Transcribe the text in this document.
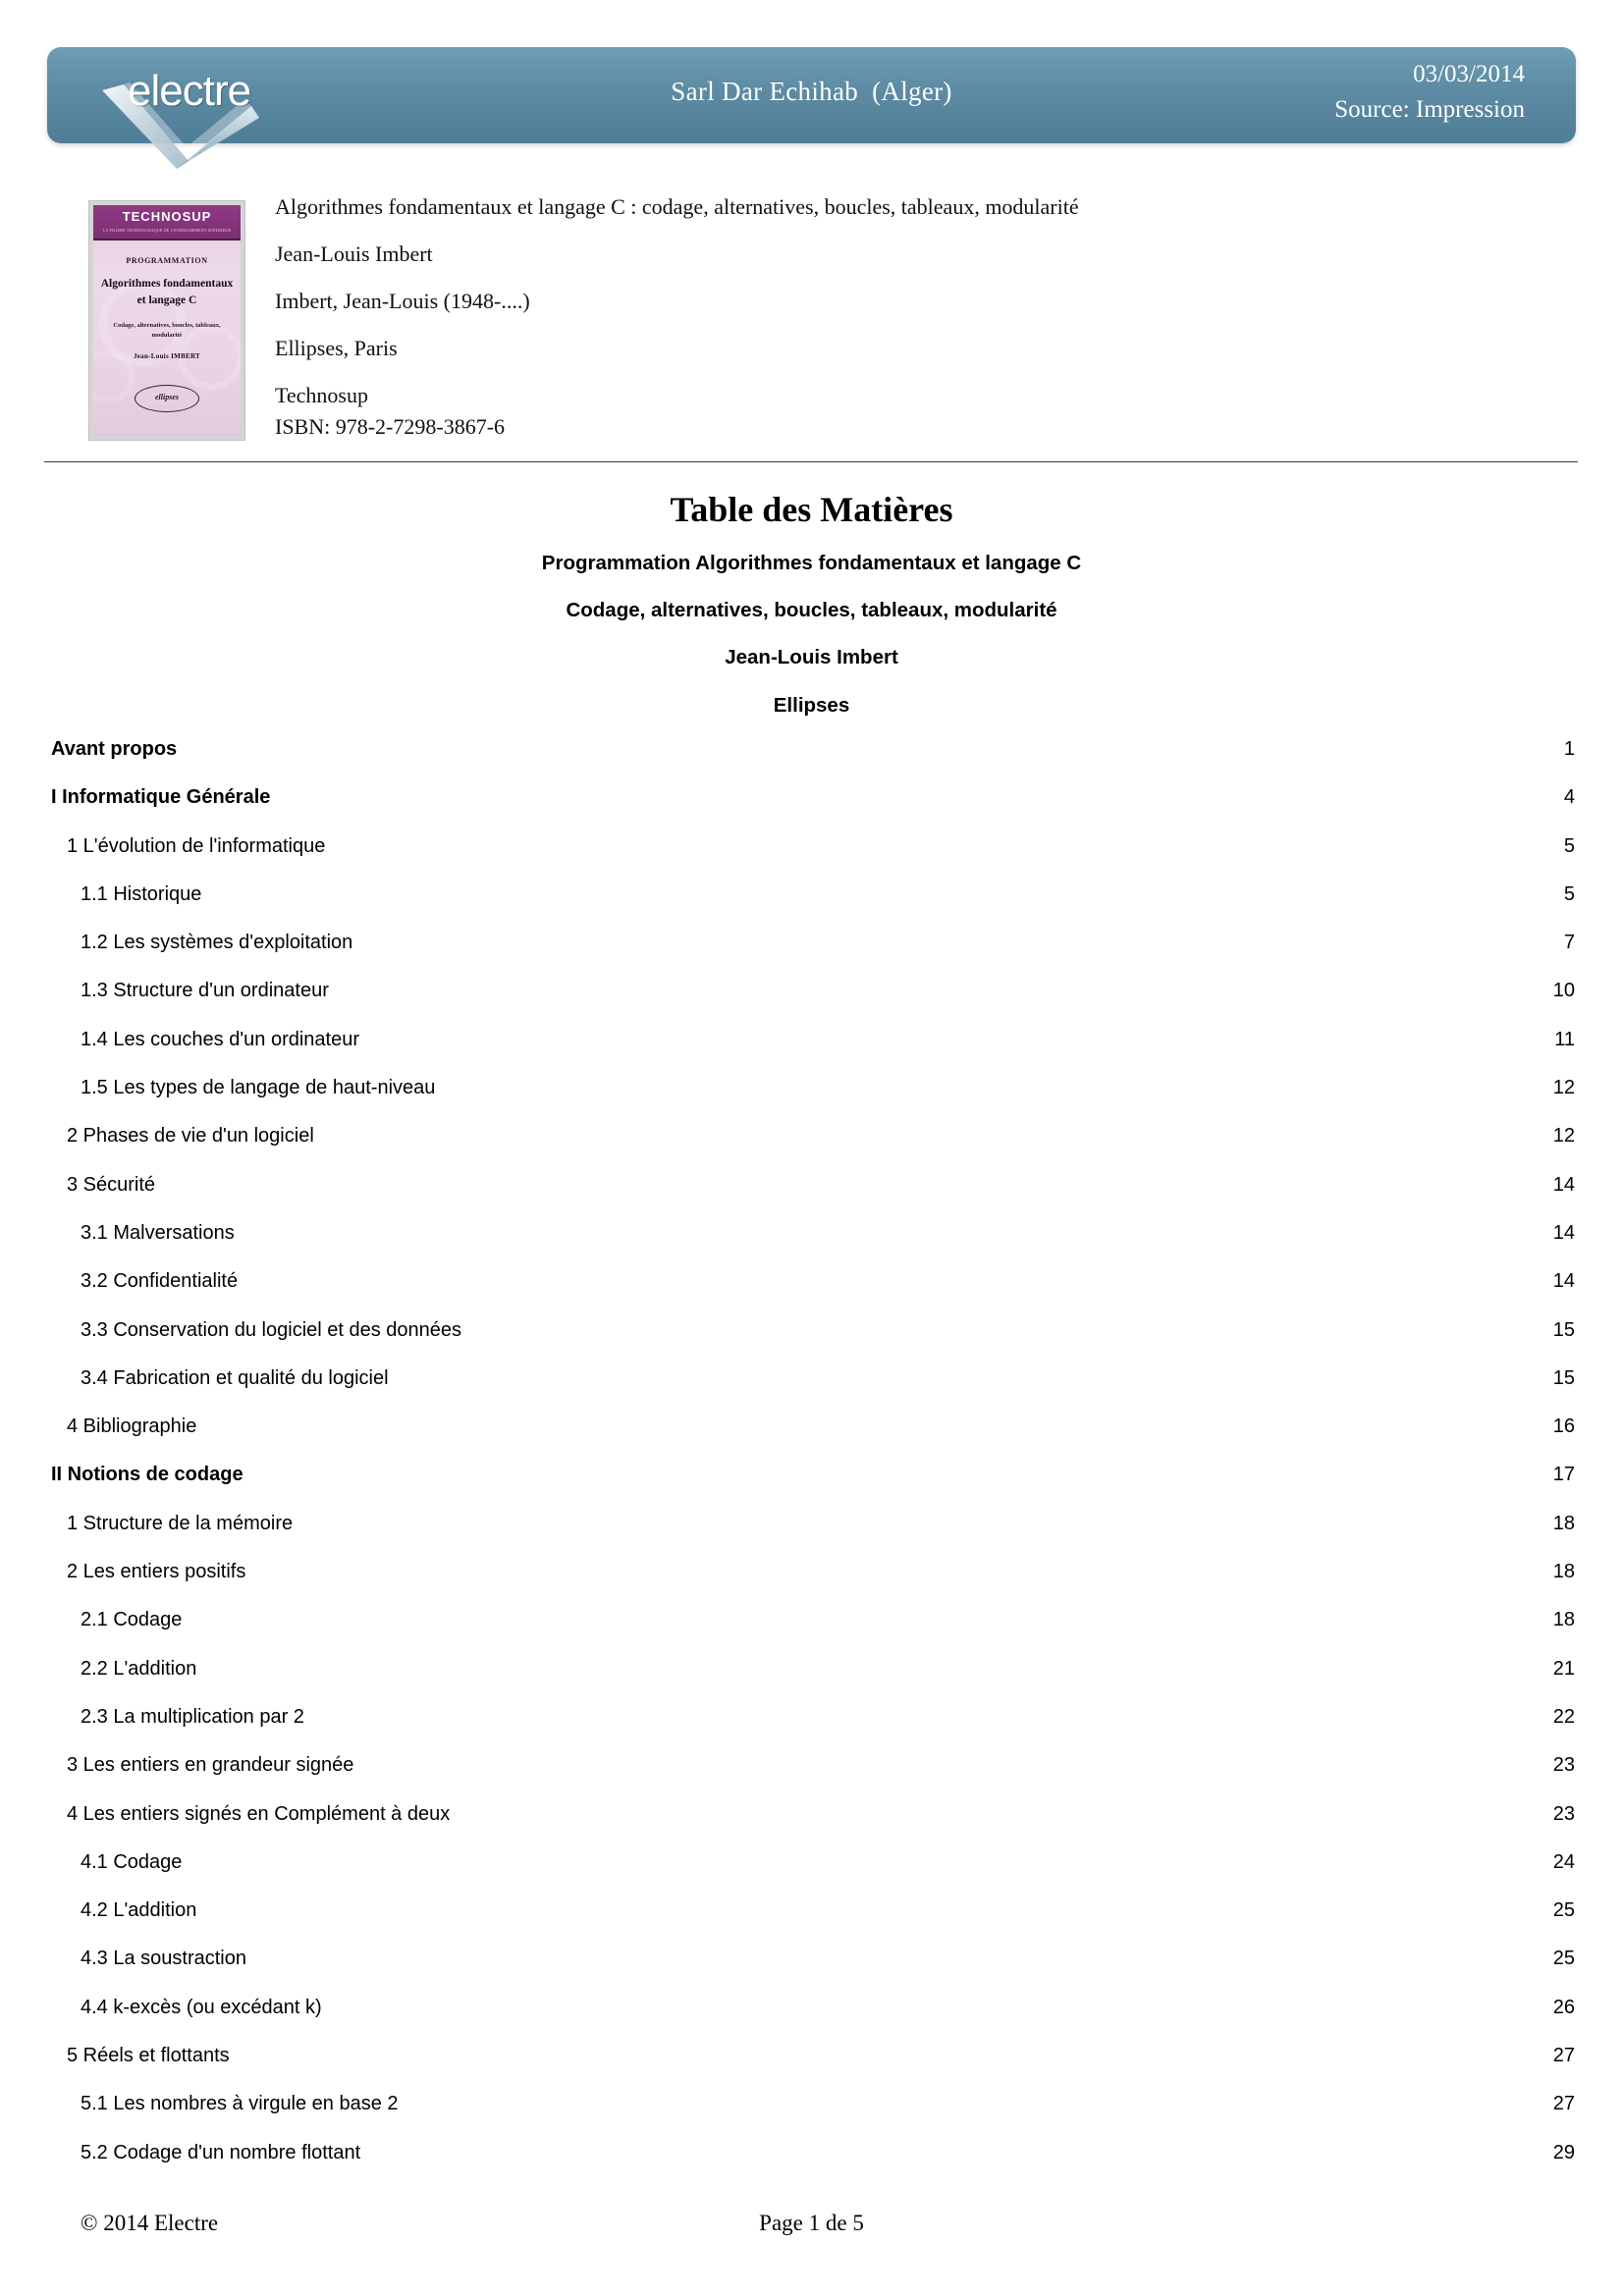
electre	Sarl Dar Echihab  (Alger)
03/03/2014
Source: Impression
TECHNOSUP
LA FILIERE TECHNOLOGIQUE DE L'ENSEIGNEMENT SUPERIEUR
PROGRAMMATION
Algorithmes fondamentaux et langage C
Codage, alternatives, boucles, tableaux, modularité
Jean-Louis IMBERT
ellipses
Algorithmes fondamentaux et langage C : codage, alternatives, boucles, tableaux, modularité
Jean-Louis Imbert
Imbert, Jean-Louis (1948-....)
Ellipses, Paris
Technosup
ISBN: 978-2-7298-3867-6
Table des Matières
Programmation Algorithmes fondamentaux et langage C
Codage, alternatives, boucles, tableaux, modularité
Jean-Louis Imbert
Ellipses
Avant propos	1
I Informatique Générale	4
1 L'évolution de l'informatique	5
1.1 Historique	5
1.2 Les systèmes d'exploitation	7
1.3 Structure d'un ordinateur	10
1.4 Les couches d'un ordinateur	11
1.5 Les types de langage de haut-niveau	12
2 Phases de vie d'un logiciel	12
3 Sécurité	14
3.1 Malversations	14
3.2 Confidentialité	14
3.3 Conservation du logiciel et des données	15
3.4 Fabrication et qualité du logiciel	15
4 Bibliographie	16
II Notions de codage	17
1 Structure de la mémoire	18
2 Les entiers positifs	18
2.1 Codage	18
2.2 L'addition	21
2.3 La multiplication par 2	22
3 Les entiers en grandeur signée	23
4 Les entiers signés en Complément à deux	23
4.1 Codage	24
4.2 L'addition	25
4.3 La soustraction	25
4.4 k-excès (ou excédant k)	26
5 Réels et flottants	27
5.1 Les nombres à virgule en base 2	27
5.2 Codage d'un nombre flottant	29
© 2014 Electre	Page 1 de 5
